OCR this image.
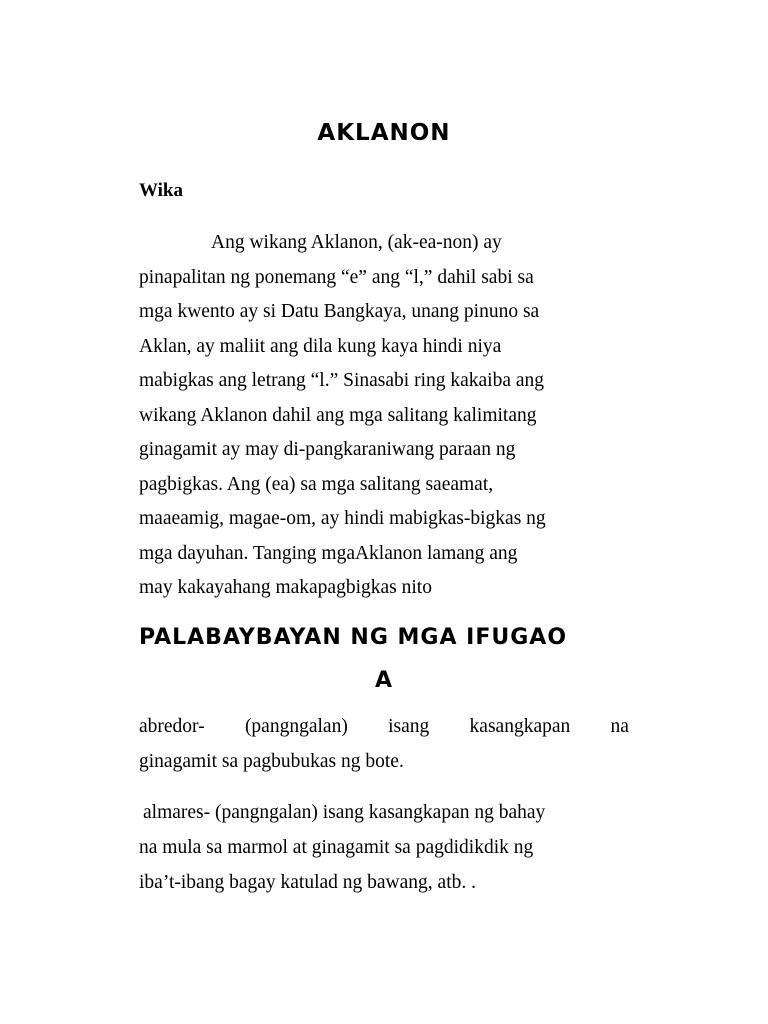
AKLANON
Wika
Ang wikang Aklanon, (ak-ea-non) ay
pinapalitan ng ponemang “e” ang “l,” dahil sabi sa
mga kwento ay si Datu Bangkaya, unang pinuno sa
Aklan, ay maliit ang dila kung kaya hindi niya
mabigkas ang letrang “l.” Sinasabi ring kakaiba ang
wikang Aklanon dahil ang mga salitang kalimitang
ginagamit ay may di-pangkaraniwang paraan ng
pagbigkas. Ang (ea) sa mga salitang saeamat,
maaeamig, magae-om, ay hindi mabigkas-bigkas ng
mga dayuhan. Tanging mgaAklanon lamang ang
may kakayahang makapagbigkas nito
PALABAYBAYAN NG MGA IFUGAO
A
abredor- (pangngalan) isang kasangkapan na
ginagamit sa pagbubukas ng bote.
almares- (pangngalan) isang kasangkapan ng bahay
na mula sa marmol at ginagamit sa pagdidikdik ng
iba’t-ibang bagay katulad ng bawang, atb. .
